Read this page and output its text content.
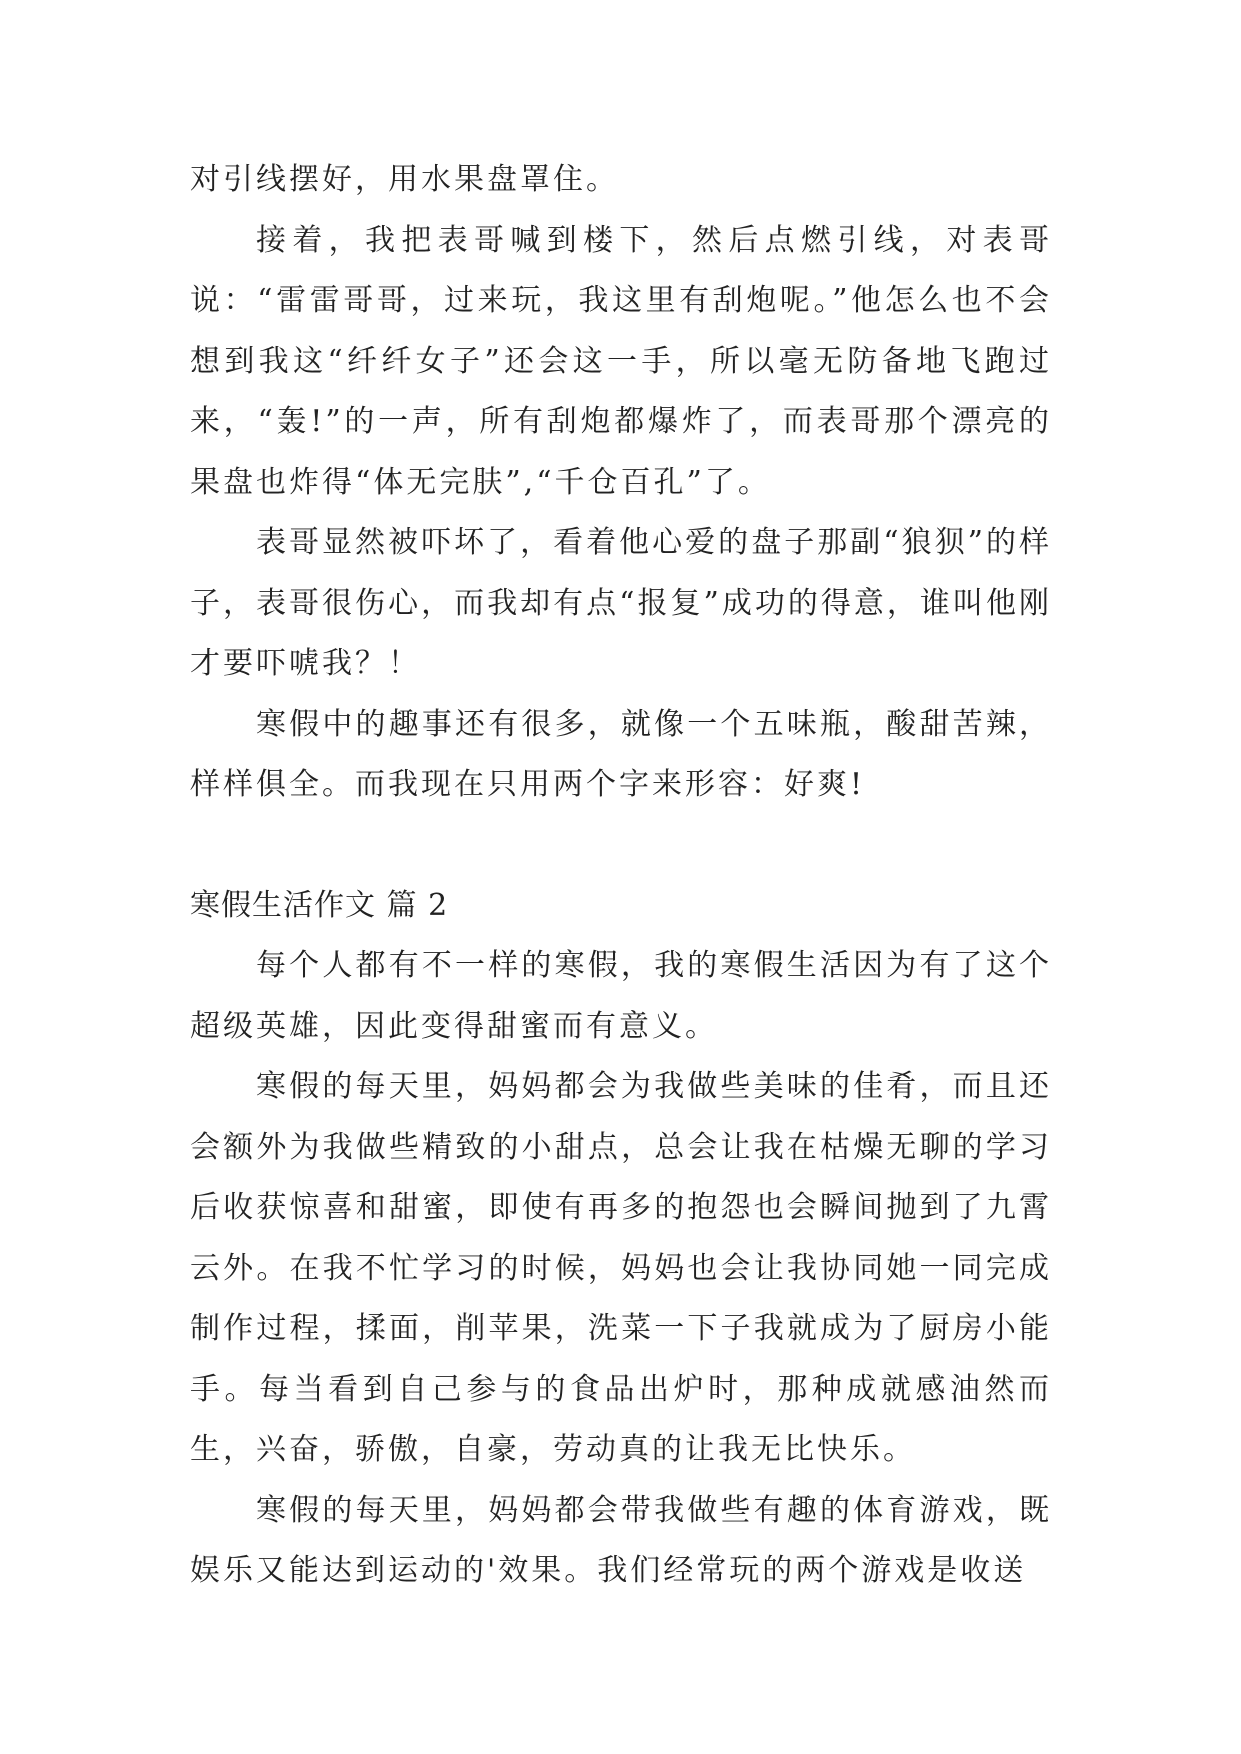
对引线摆好，用水果盘罩住。

接着，我把表哥喊到楼下，然后点燃引线，对表哥说：“雷雷哥哥，过来玩，我这里有刮炮呢。”他怎么也不会想到我这“纤纤女子”还会这一手，所以毫无防备地飞跑过来，“轰!”的一声，所有刮炮都爆炸了，而表哥那个漂亮的果盘也炸得“体无完肤”,“千仓百孔”了。

表哥显然被吓坏了，看着他心爱的盘子那副“狼狈”的样子，表哥很伤心，而我却有点“报复”成功的得意，谁叫他刚才要吓唬我？！

寒假中的趣事还有很多，就像一个五味瓶，酸甜苦辣，样样俱全。而我现在只用两个字来形容：好爽!

寒假生活作文 篇 2

每个人都有不一样的寒假，我的寒假生活因为有了这个超级英雄，因此变得甜蜜而有意义。

寒假的每天里，妈妈都会为我做些美味的佳肴，而且还会额外为我做些精致的小甜点，总会让我在枯燥无聊的学习后收获惊喜和甜蜜，即使有再多的抱怨也会瞬间抛到了九霄云外。在我不忙学习的时候，妈妈也会让我协同她一同完成制作过程，揉面，削苹果，洗菜一下子我就成为了厨房小能手。每当看到自己参与的食品出炉时，那种成就感油然而生，兴奋，骄傲，自豪，劳动真的让我无比快乐。

寒假的每天里，妈妈都会带我做些有趣的体育游戏，既娱乐又能达到运动的'效果。我们经常玩的两个游戏是收送
